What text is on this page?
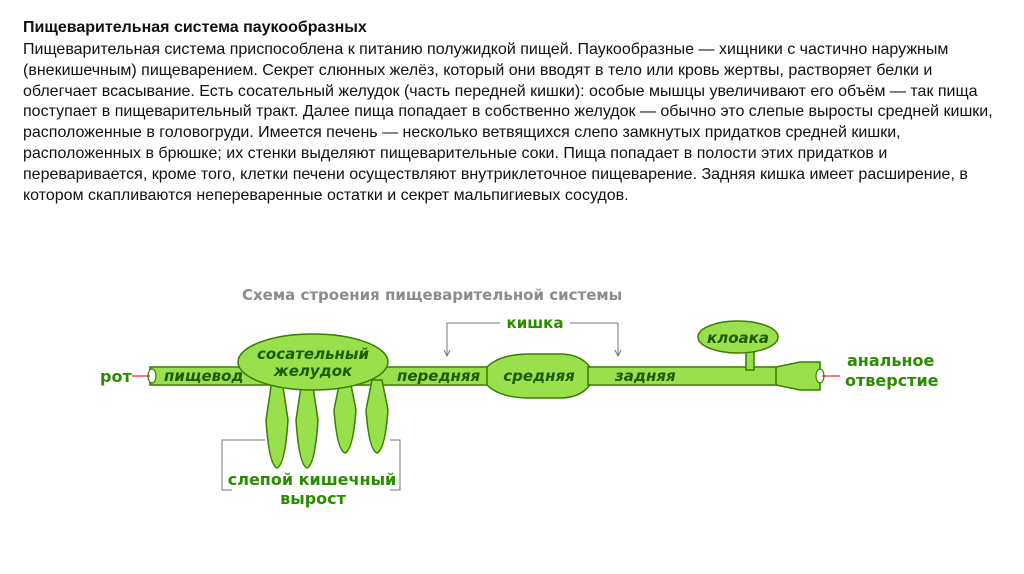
Пищеварительная система паукообразных

Пищеварительная система приспособлена к питанию полужидкой пищей. Паукообразные — хищники с частично наружным (внекишечным) пищеварением. Секрет слюнных желёз, который они вводят в тело или кровь жертвы, растворяет белки и облегчает всасывание. Есть сосательный желудок (часть передней кишки): особые мышцы увеличивают его объём — так пища поступает в пищеварительный тракт. Далее пища попадает в собственно желудок — обычно это слепые выросты средней кишки, расположенные в головогруди. Имеется печень — несколько ветвящихся слепо замкнутых придатков средней кишки, расположенных в брюшке; их стенки выделяют пищеварительные соки. Пища попадает в полости этих придатков и переваривается, кроме того, клетки печени осуществляют внутриклеточное пищеварение. Задняя кишка имеет расширение, в котором скапливаются непереваренные остатки и секрет мальпигиевых сосудов.

Схема строения пищеварительной системы
рот пищевод
сосательный
желудок
кишка
передняя средняя	задняя
клоака
анальное
отверстие
слепой кишечный
вырост
